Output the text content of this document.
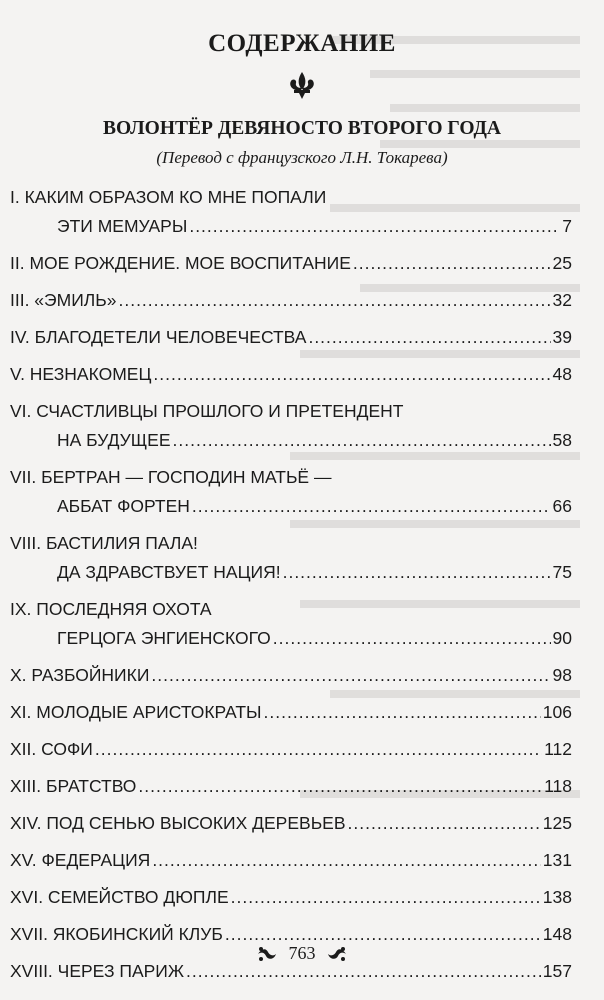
СОДЕРЖАНИЕ
ВОЛОНТЁР ДЕВЯНОСТО ВТОРОГО ГОДА
(Перевод с французского Л.Н. Токарева)
I. КАКИМ ОБРАЗОМ КО МНЕ ПОПАЛИ
ЭТИ МЕМУАРЫ .....	7
II. МОЕ РОЖДЕНИЕ. МОЕ ВОСПИТАНИЕ .....	25
III. «ЭМИЛЬ» .....	32
IV. БЛАГОДЕТЕЛИ ЧЕЛОВЕЧЕСТВА .....	39
V. НЕЗНАКОМЕЦ .....	48
VI. СЧАСТЛИВЦЫ ПРОШЛОГО И ПРЕТЕНДЕНТ
НА БУДУЩЕЕ .....	58
VII. БЕРТРАН — ГОСПОДИН МАТЬЁ —
АББАТ ФОРТЕН .....	66
VIII. БАСТИЛИЯ ПАЛА!
ДА ЗДРАВСТВУЕТ НАЦИЯ! .....	75
IX. ПОСЛЕДНЯЯ ОХОТА
ГЕРЦОГА ЭНГИЕНСКОГО .....	90
X. РАЗБОЙНИКИ .....	98
XI. МОЛОДЫЕ АРИСТОКРАТЫ .....	106
XII. СОФИ .....	112
XIII. БРАТСТВО .....	118
XIV. ПОД СЕНЬЮ ВЫСОКИХ ДЕРЕВЬЕВ .....	125
XV. ФЕДЕРАЦИЯ .....	131
XVI. СЕМЕЙСТВО ДЮПЛЕ .....	138
XVII. ЯКОБИНСКИЙ КЛУБ .....	148
XVIII. ЧЕРЕЗ ПАРИЖ .....	157
763
